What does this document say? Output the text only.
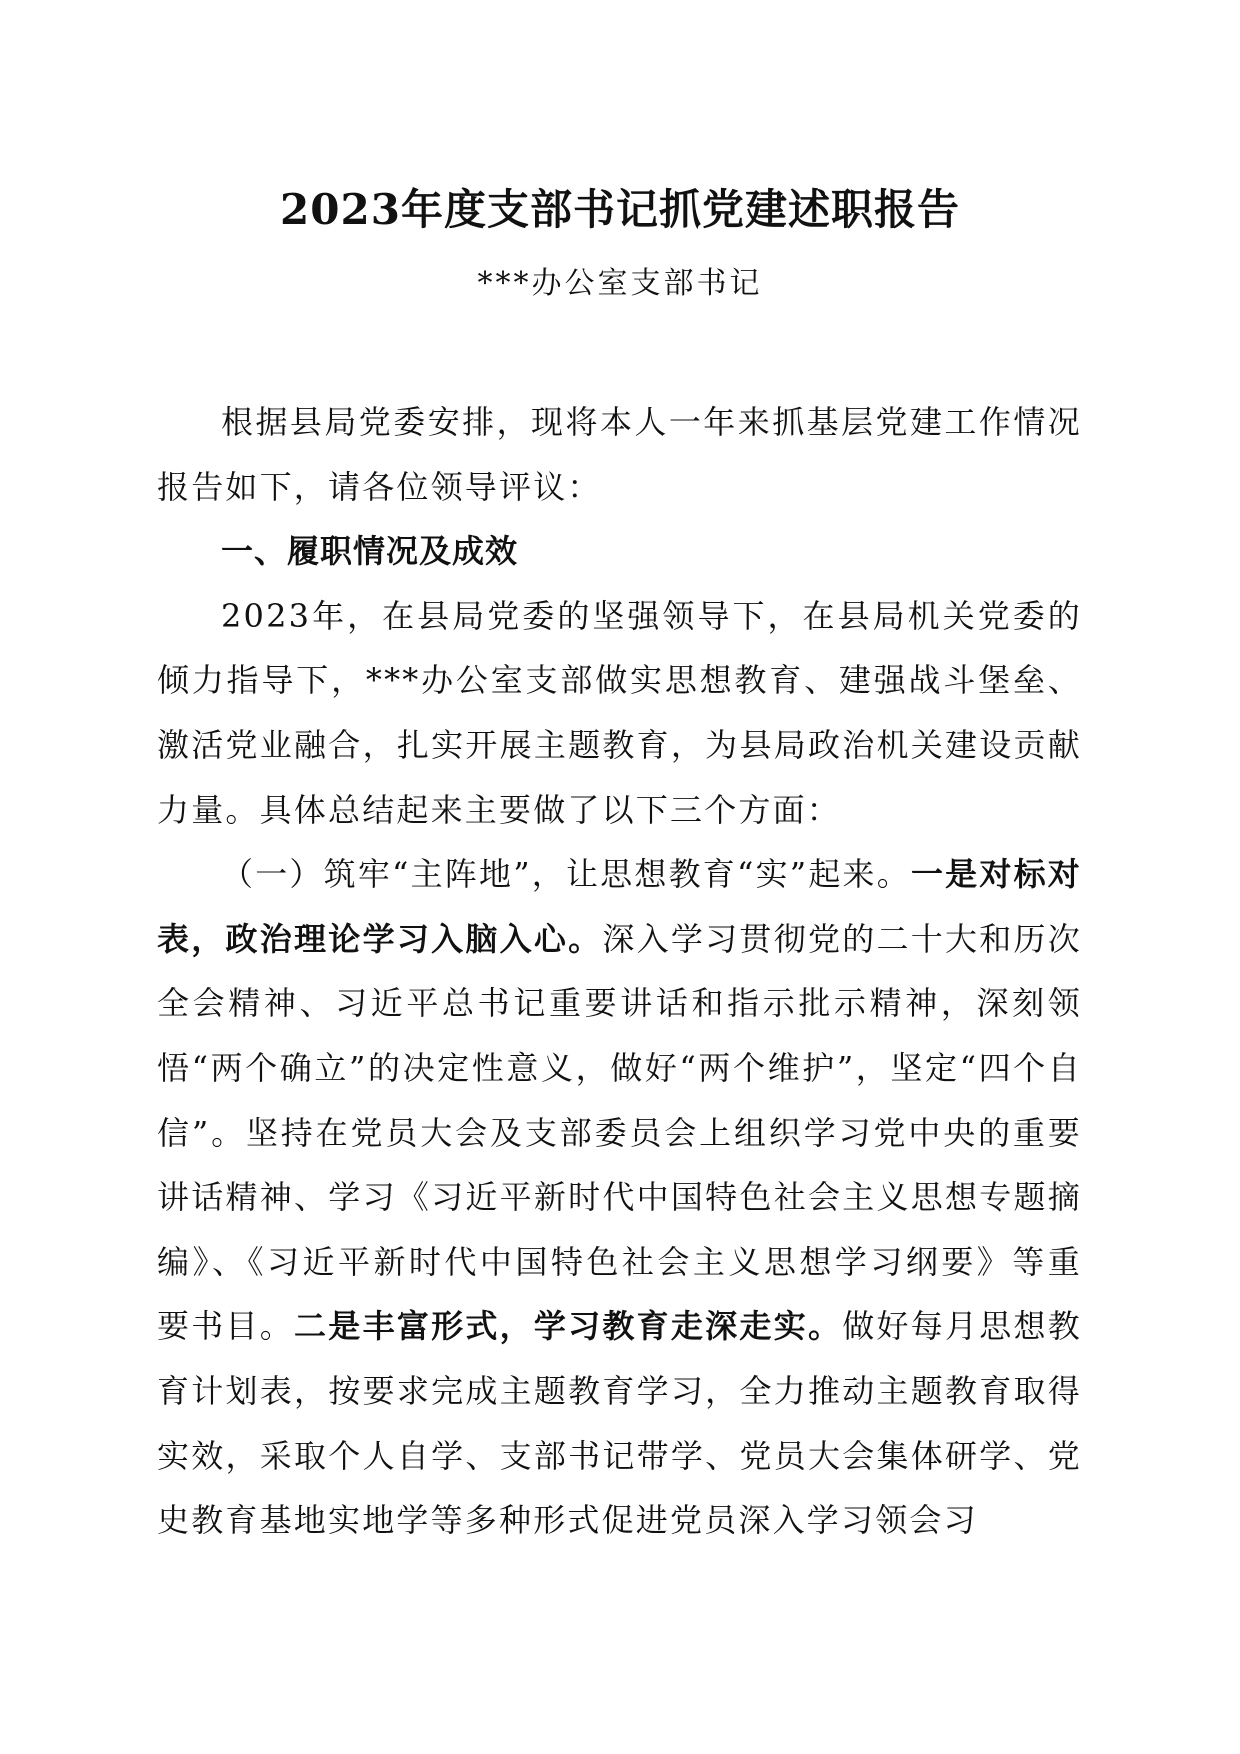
2023年度支部书记抓党建述职报告

***办公室支部书记

根据县局党委安排，现将本人一年来抓基层党建工作情况报告如下，请各位领导评议：

一、履职情况及成效

2023年，在县局党委的坚强领导下，在县局机关党委的倾力指导下，***办公室支部做实思想教育、建强战斗堡垒、激活党业融合，扎实开展主题教育，为县局政治机关建设贡献力量。具体总结起来主要做了以下三个方面：

（一）筑牢“主阵地”，让思想教育“实”起来。一是对标对表，政治理论学习入脑入心。深入学习贯彻党的二十大和历次全会精神、习近平总书记重要讲话和指示批示精神，深刻领悟“两个确立”的决定性意义，做好“两个维护”，坚定“四个自信”。坚持在党员大会及支部委员会上组织学习党中央的重要讲话精神、学习《习近平新时代中国特色社会主义思想专题摘编》、《习近平新时代中国特色社会主义思想学习纲要》等重要书目。二是丰富形式，学习教育走深走实。做好每月思想教育计划表，按要求完成主题教育学习，全力推动主题教育取得实效，采取个人自学、支部书记带学、党员大会集体研学、党史教育基地实地学等多种形式促进党员深入学习领会习
